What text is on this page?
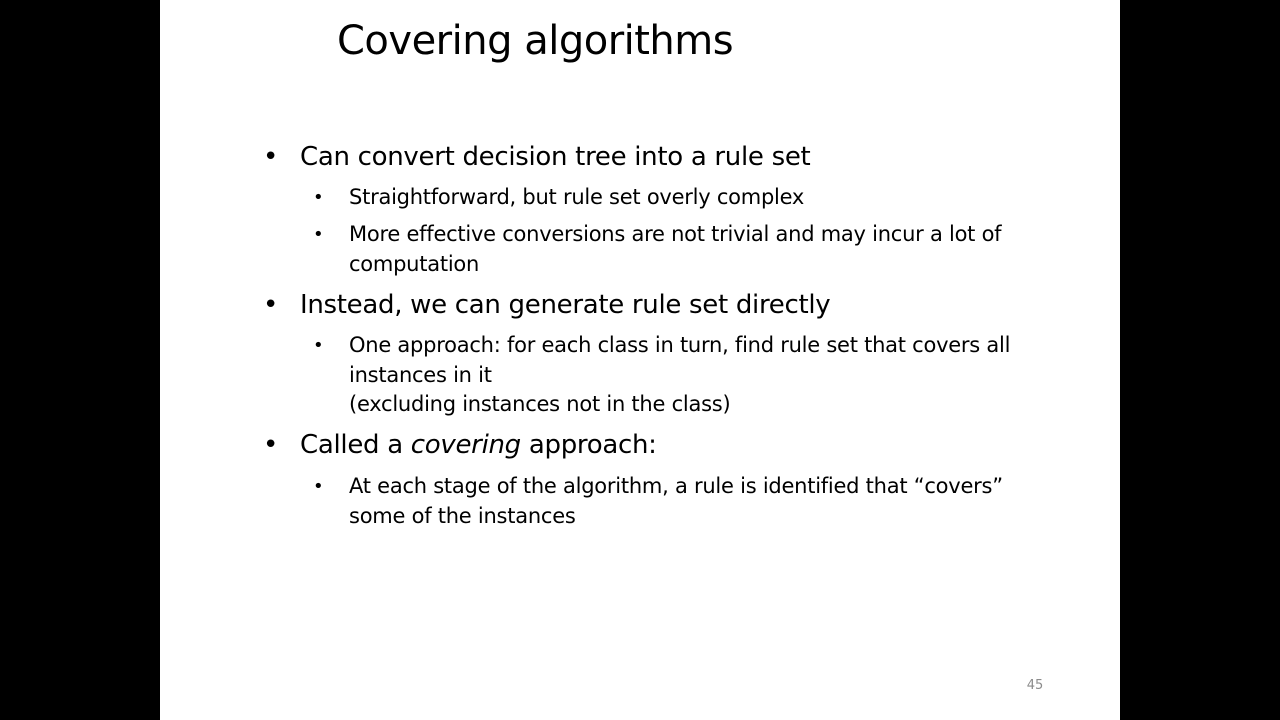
Covering algorithms
• Can convert decision tree into a rule set
• Straightforward, but rule set overly complex
• More effective conversions are not trivial and may incur a lot of
computation
• Instead, we can generate rule set directly
• One approach: for each class in turn, find rule set that covers all
instances in it
(excluding instances not in the class)
• Called a covering approach:
• At each stage of the algorithm, a rule is identified that “covers”
some of the instances
45
